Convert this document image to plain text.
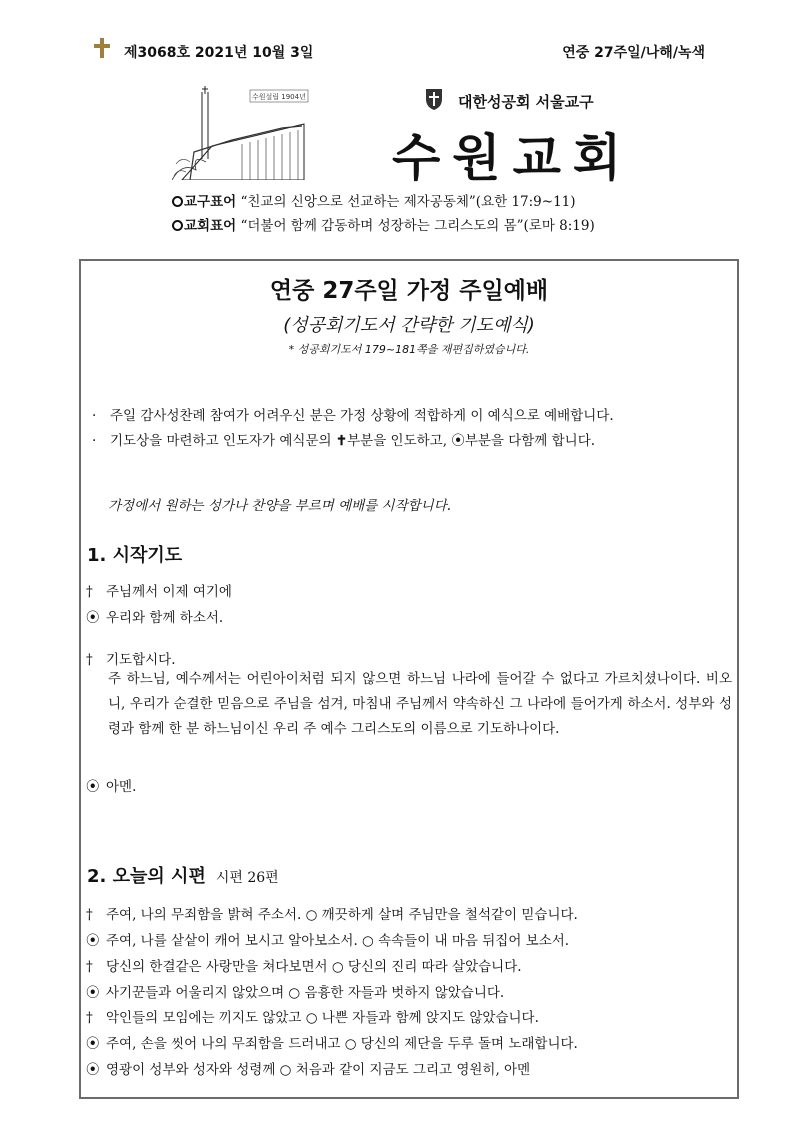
제3068호 2021년 10월 3일	연중 27주일/나해/녹색
수원설립 1904년	대한성공회 서울교구
수원교회
교구표어 “친교의 신앙으로 선교하는 제자공동체”(요한 17:9~11)
교회표어 “더불어 함께 감동하며 성장하는 그리스도의 몸”(로마 8:19)
연중 27주일 가정 주일예배
(성공회기도서 간략한 기도예식)
* 성공회기도서 179~181쪽을 재편집하였습니다.
· 주일 감사성찬례 참여가 어려우신 분은 가정 상황에 적합하게 이 예식으로 예배합니다.
· 기도상을 마련하고 인도자가 예식문의 ✝부분을 인도하고, ⦿부분을 다함께 합니다.
가정에서 원하는 성가나 찬양을 부르며 예배를 시작합니다.
1. 시작기도
† 주님께서 이제 여기에
⦿ 우리와 함께 하소서.
† 기도합시다.
주 하느님, 예수께서는 어린아이처럼 되지 않으면 하느님 나라에 들어갈 수 없다고 가르치셨나이다. 비오니, 우리가 순결한 믿음으로 주님을 섬겨, 마침내 주님께서 약속하신 그 나라에 들어가게 하소서. 성부와 성령과 함께 한 분 하느님이신 우리 주 예수 그리스도의 이름으로 기도하나이다.
⦿ 아멘.
2. 오늘의 시편 시편 26편
† 주여, 나의 무죄함을 밝혀 주소서. ○ 깨끗하게 살며 주님만을 철석같이 믿습니다.
⦿ 주여, 나를 샅샅이 캐어 보시고 알아보소서. ○ 속속들이 내 마음 뒤집어 보소서.
† 당신의 한결같은 사랑만을 쳐다보면서 ○ 당신의 진리 따라 살았습니다.
⦿ 사기꾼들과 어울리지 않았으며 ○ 음흉한 자들과 벗하지 않았습니다.
† 악인들의 모임에는 끼지도 않았고 ○ 나쁜 자들과 함께 앉지도 않았습니다.
⦿ 주여, 손을 씻어 나의 무죄함을 드러내고 ○ 당신의 제단을 두루 돌며 노래합니다.
⦿ 영광이 성부와 성자와 성령께 ○ 처음과 같이 지금도 그리고 영원히, 아멘
